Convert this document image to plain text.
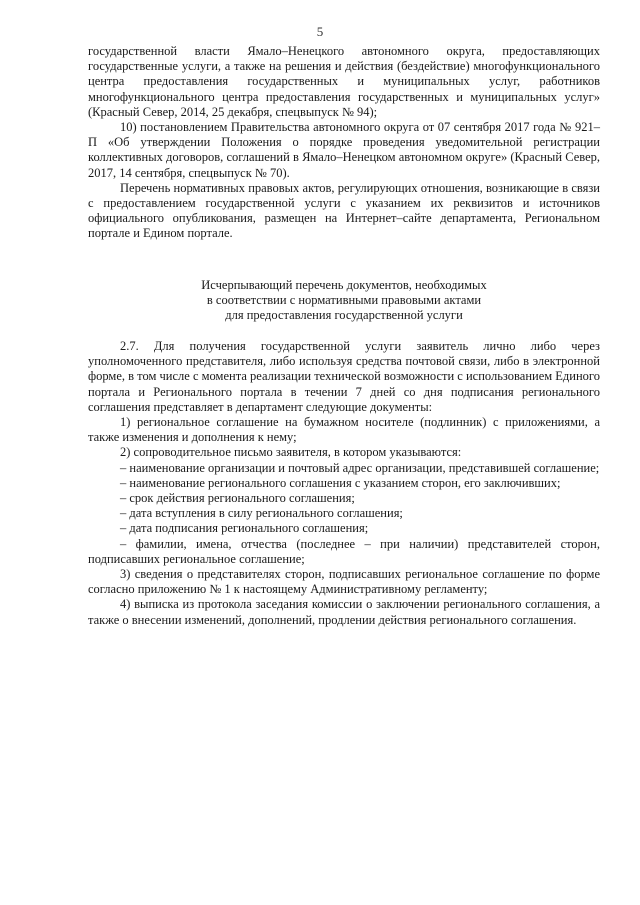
5

государственной власти Ямало–Ненецкого автономного округа, предоставляющих государственные услуги, а также на решения и действия (бездействие) многофункционального центра предоставления государственных и муниципальных услуг, работников многофункционального центра предоставления государственных и муниципальных услуг» (Красный Север, 2014, 25 декабря, спецвыпуск № 94);

10) постановлением Правительства автономного округа от 07 сентября 2017 года № 921–П «Об утверждении Положения о порядке проведения уведомительной регистрации коллективных договоров, соглашений в Ямало–Ненецком автономном округе» (Красный Север, 2017, 14 сентября, спецвыпуск № 70).

Перечень нормативных правовых актов, регулирующих отношения, возникающие в связи с предоставлением государственной услуги с указанием их реквизитов и источников официального опубликования, размещен на Интернет–сайте департамента, Региональном портале и Едином портале.

Исчерпывающий перечень документов, необходимых

в соответствии с нормативными правовыми актами

для предоставления государственной услуги

2.7. Для получения государственной услуги заявитель лично либо через уполномоченного представителя, либо используя средства почтовой связи, либо в электронной форме, в том числе с момента реализации технической возможности с использованием Единого портала и Регионального портала в течении 7 дней со дня подписания регионального соглашения представляет в департамент следующие документы:

1) региональное соглашение на бумажном носителе (подлинник) с приложениями, а также изменения и дополнения к нему;

2) сопроводительное письмо заявителя, в котором указываются:

– наименование организации и почтовый адрес организации, представившей соглашение;

– наименование регионального соглашения с указанием сторон, его заключивших;

– срок действия регионального соглашения;

– дата вступления в силу регионального соглашения;

– дата подписания регионального соглашения;

– фамилии, имена, отчества (последнее – при наличии) представителей сторон, подписавших региональное соглашение;

3) сведения о представителях сторон, подписавших региональное соглашение по форме согласно приложению № 1 к настоящему Административному регламенту;

4) выписка из протокола заседания комиссии о заключении регионального соглашения, а также о внесении изменений, дополнений, продлении действия регионального соглашения.
